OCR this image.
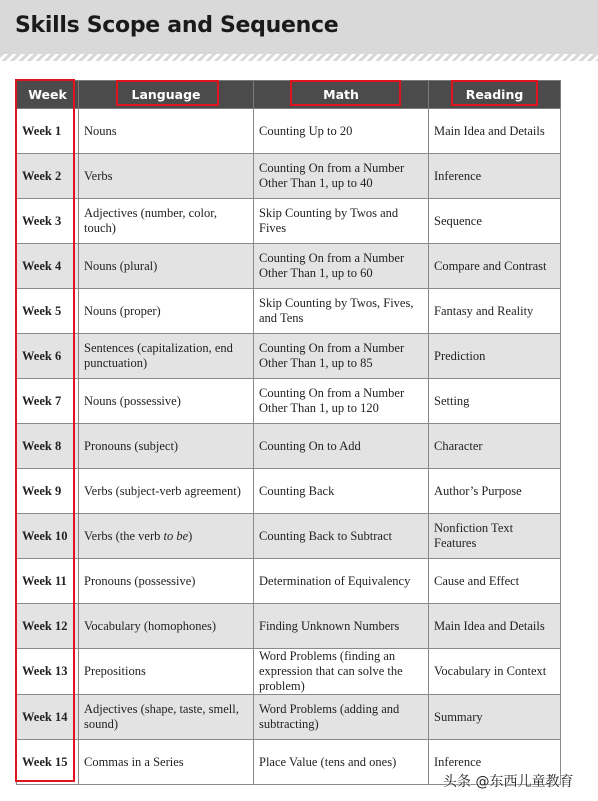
Skills Scope and Sequence
Week	Language	Math	Reading
Week 1	Nouns	Counting Up to 20	Main Idea and Details
Week 2	Verbs	Counting On from a Number Other Than 1, up to 40	Inference
Week 3	Adjectives (number, color, touch)	Skip Counting by Twos and Fives	Sequence
Week 4	Nouns (plural)	Counting On from a Number Other Than 1, up to 60	Compare and Contrast
Week 5	Nouns (proper)	Skip Counting by Twos, Fives, and Tens	Fantasy and Reality
Week 6	Sentences (capitalization, end punctuation)	Counting On from a Number Other Than 1, up to 85	Prediction
Week 7	Nouns (possessive)	Counting On from a Number Other Than 1, up to 120	Setting
Week 8	Pronouns (subject)	Counting On to Add	Character
Week 9	Verbs (subject-verb agreement)	Counting Back	Author’s Purpose
Week 10	Verbs (the verb to be)	Counting Back to Subtract	Nonfiction Text Features
Week 11	Pronouns (possessive)	Determination of Equivalency	Cause and Effect
Week 12	Vocabulary (homophones)	Finding Unknown Numbers	Main Idea and Details
Week 13	Prepositions	Word Problems (finding an expression that can solve the problem)	Vocabulary in Context
Week 14	Adjectives (shape, taste, smell, sound)	Word Problems (adding and subtracting)	Summary
Week 15	Commas in a Series	Place Value (tens and ones)	Inference
头条 @东西儿童教育
